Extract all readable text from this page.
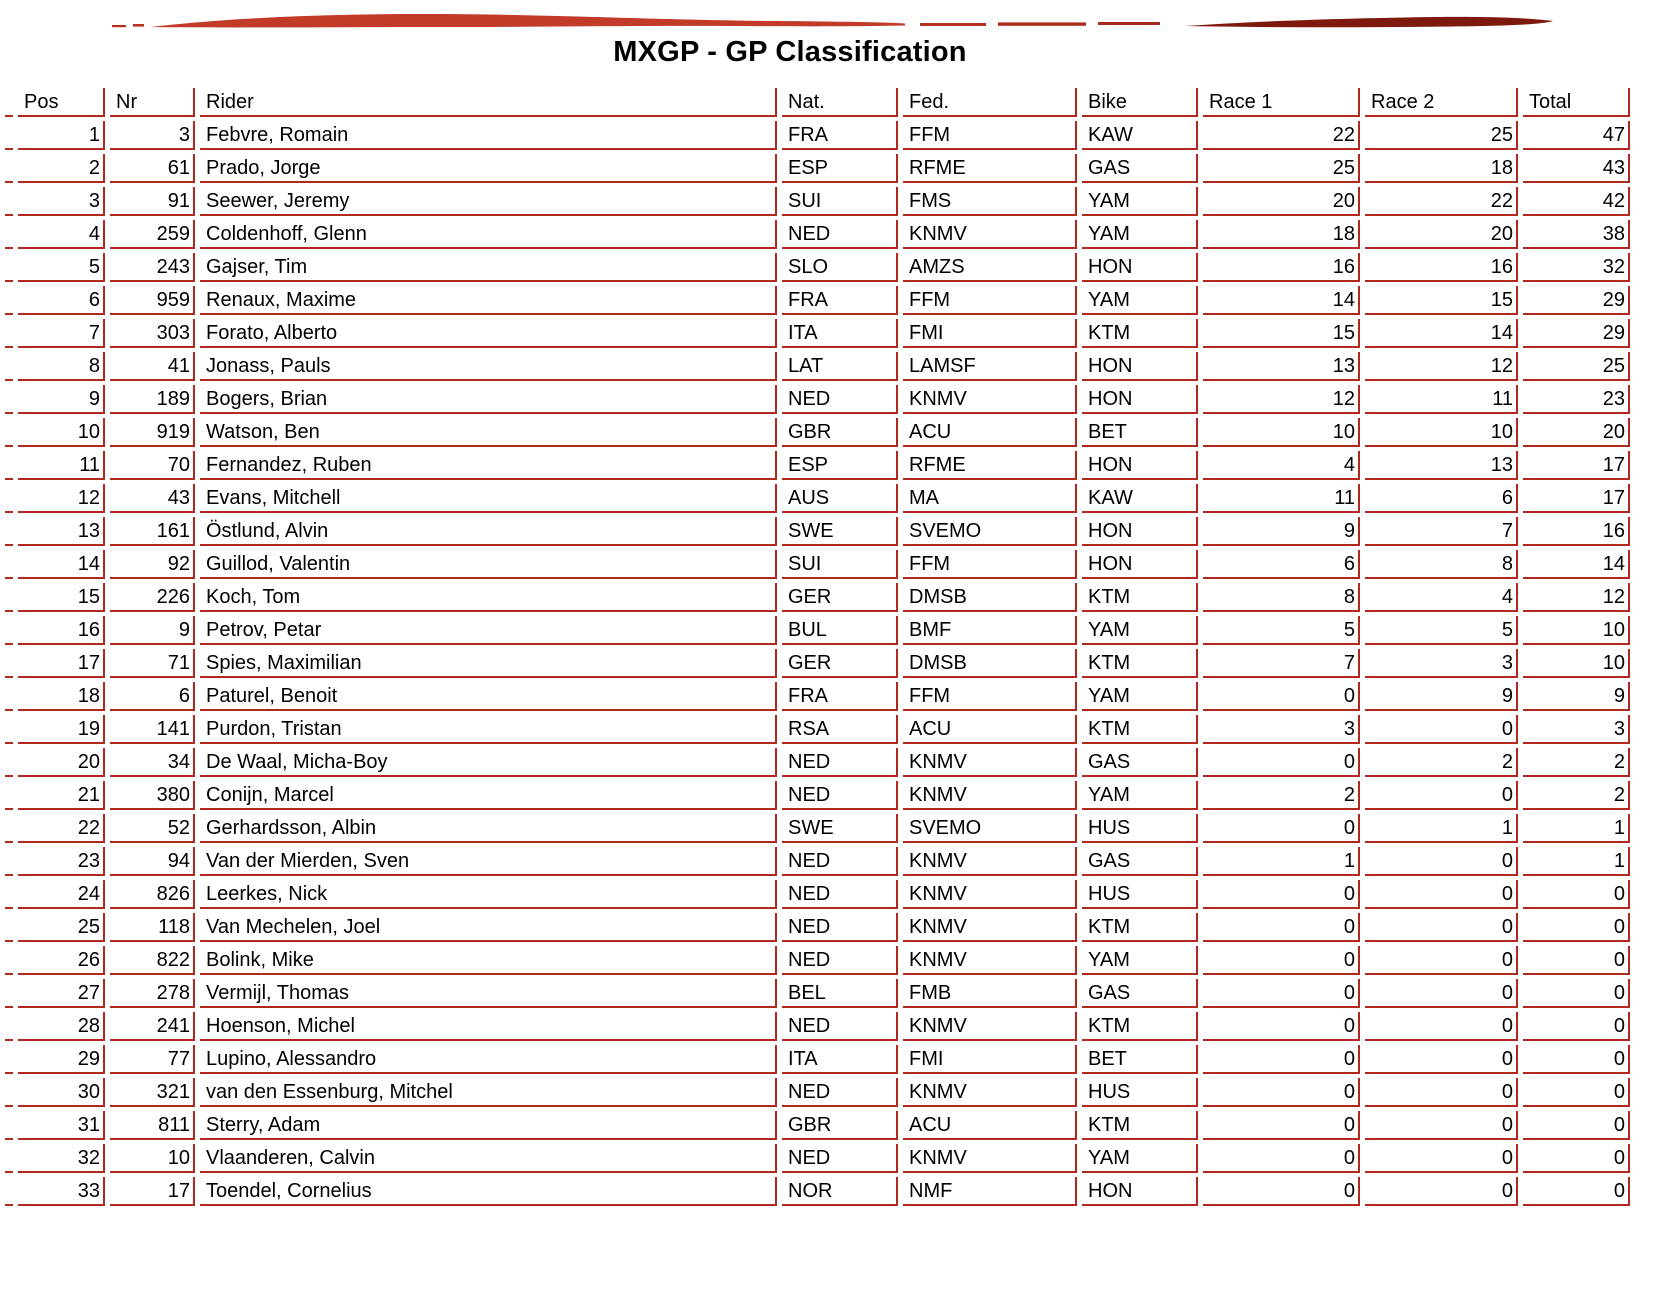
MXGP - GP Classification
	Pos	Nr	Rider	Nat.	Fed.	Bike	Race 1	Race 2	Total
	1	3	Febvre, Romain	FRA	FFM	KAW	22	25	47
	2	61	Prado, Jorge	ESP	RFME	GAS	25	18	43
	3	91	Seewer, Jeremy	SUI	FMS	YAM	20	22	42
	4	259	Coldenhoff, Glenn	NED	KNMV	YAM	18	20	38
	5	243	Gajser, Tim	SLO	AMZS	HON	16	16	32
	6	959	Renaux, Maxime	FRA	FFM	YAM	14	15	29
	7	303	Forato, Alberto	ITA	FMI	KTM	15	14	29
	8	41	Jonass, Pauls	LAT	LAMSF	HON	13	12	25
	9	189	Bogers, Brian	NED	KNMV	HON	12	11	23
	10	919	Watson, Ben	GBR	ACU	BET	10	10	20
	11	70	Fernandez, Ruben	ESP	RFME	HON	4	13	17
	12	43	Evans, Mitchell	AUS	MA	KAW	11	6	17
	13	161	Östlund, Alvin	SWE	SVEMO	HON	9	7	16
	14	92	Guillod, Valentin	SUI	FFM	HON	6	8	14
	15	226	Koch, Tom	GER	DMSB	KTM	8	4	12
	16	9	Petrov, Petar	BUL	BMF	YAM	5	5	10
	17	71	Spies, Maximilian	GER	DMSB	KTM	7	3	10
	18	6	Paturel, Benoit	FRA	FFM	YAM	0	9	9
	19	141	Purdon, Tristan	RSA	ACU	KTM	3	0	3
	20	34	De Waal, Micha-Boy	NED	KNMV	GAS	0	2	2
	21	380	Conijn, Marcel	NED	KNMV	YAM	2	0	2
	22	52	Gerhardsson, Albin	SWE	SVEMO	HUS	0	1	1
	23	94	Van der Mierden, Sven	NED	KNMV	GAS	1	0	1
	24	826	Leerkes, Nick	NED	KNMV	HUS	0	0	0
	25	118	Van Mechelen, Joel	NED	KNMV	KTM	0	0	0
	26	822	Bolink, Mike	NED	KNMV	YAM	0	0	0
	27	278	Vermijl, Thomas	BEL	FMB	GAS	0	0	0
	28	241	Hoenson, Michel	NED	KNMV	KTM	0	0	0
	29	77	Lupino, Alessandro	ITA	FMI	BET	0	0	0
	30	321	van den Essenburg, Mitchel	NED	KNMV	HUS	0	0	0
	31	811	Sterry, Adam	GBR	ACU	KTM	0	0	0
	32	10	Vlaanderen, Calvin	NED	KNMV	YAM	0	0	0
	33	17	Toendel, Cornelius	NOR	NMF	HON	0	0	0
